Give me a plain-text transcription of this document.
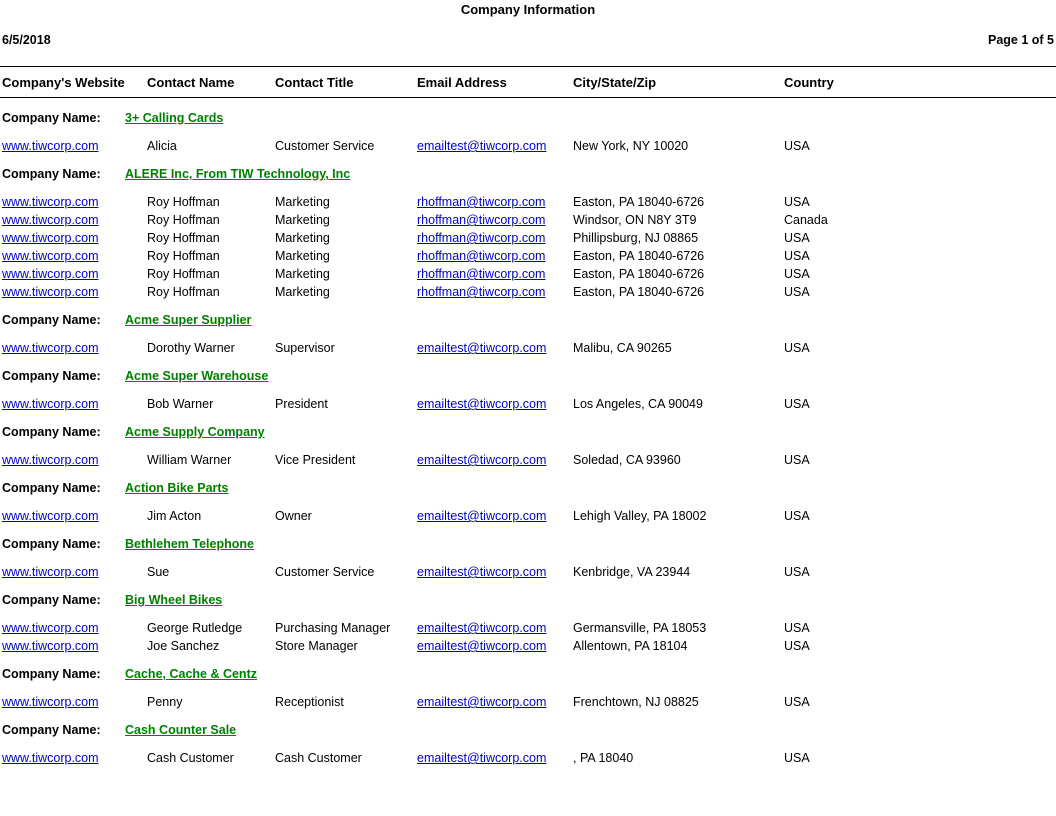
Company Information
6/5/2018	Page 1 of 5
Company's Website Contact Name	Contact Title	Email Address	City/State/Zip	Country
Company Name: 3+ Calling Cards
www.tiwcorp.com	Alicia	Customer Service	emailtest@tiwcorp.com New York, NY 10020	USA
Company Name: ALERE Inc, From TIW Technology, Inc
www.tiwcorp.com	Roy Hoffman	Marketing	rhoffman@tiwcorp.com Easton, PA 18040-6726	USA
www.tiwcorp.com	Roy Hoffman	Marketing	rhoffman@tiwcorp.com Windsor, ON N8Y 3T9	Canada
www.tiwcorp.com	Roy Hoffman	Marketing	rhoffman@tiwcorp.com Phillipsburg, NJ 08865	USA
www.tiwcorp.com	Roy Hoffman	Marketing	rhoffman@tiwcorp.com Easton, PA 18040-6726	USA
www.tiwcorp.com	Roy Hoffman	Marketing	rhoffman@tiwcorp.com Easton, PA 18040-6726	USA
www.tiwcorp.com	Roy Hoffman	Marketing	rhoffman@tiwcorp.com Easton, PA 18040-6726	USA
Company Name: Acme Super Supplier
www.tiwcorp.com	Dorothy Warner	Supervisor	emailtest@tiwcorp.com Malibu, CA 90265	USA
Company Name: Acme Super Warehouse
www.tiwcorp.com	Bob Warner	President	emailtest@tiwcorp.com Los Angeles, CA 90049	USA
Company Name: Acme Supply Company
www.tiwcorp.com	William Warner	Vice President	emailtest@tiwcorp.com Soledad, CA 93960	USA
Company Name: Action Bike Parts
www.tiwcorp.com	Jim Acton	Owner	emailtest@tiwcorp.com Lehigh Valley, PA 18002	USA
Company Name: Bethlehem Telephone
www.tiwcorp.com	Sue	Customer Service	emailtest@tiwcorp.com Kenbridge, VA 23944	USA
Company Name: Big Wheel Bikes
www.tiwcorp.com	George Rutledge	Purchasing Manager emailtest@tiwcorp.com Germansville, PA 18053	USA
www.tiwcorp.com	Joe Sanchez	Store Manager	emailtest@tiwcorp.com Allentown, PA 18104	USA
Company Name: Cache, Cache & Centz
www.tiwcorp.com	Penny	Receptionist	emailtest@tiwcorp.com Frenchtown, NJ 08825	USA
Company Name: Cash Counter Sale
www.tiwcorp.com	Cash Customer	Cash Customer	emailtest@tiwcorp.com , PA 18040	USA
